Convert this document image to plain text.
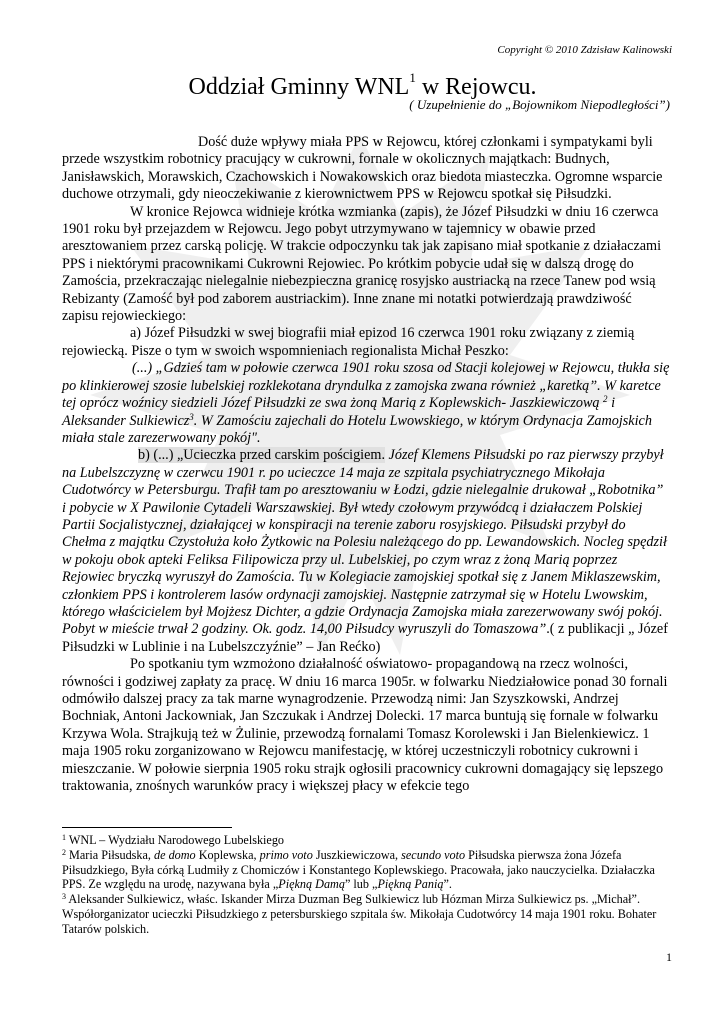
Copyright © 2010 Zdzisław Kalinowski
Oddział Gminny WNL$^1$ w Rejowcu.
( Uzupełnienie do „Bojownikom Niepodległości”)

Dość duże wpływy miała PPS w Rejowcu, której członkami i sympatykami byli przede wszystkim robotnicy pracujący w cukrowni, fornale w okolicznych majątkach: Budnych, Janisławskich, Morawskich, Czachowskich i Nowakowskich oraz biedota miasteczka. Ogromne wsparcie duchowe otrzymali, gdy nieoczekiwanie z kierownictwem PPS w Rejowcu spotkał się Piłsudzki.

W kronice Rejowca widnieje krótka wzmianka (zapis), że Józef Piłsudzki w dniu 16 czerwca 1901 roku był przejazdem w Rejowcu. Jego pobyt utrzymywano w tajemnicy w obawie przed aresztowaniem przez carską policję. W trakcie odpoczynku tak jak zapisano miał spotkanie z działaczami PPS i niektórymi pracownikami Cukrowni Rejowiec. Po krótkim pobycie udał się w dalszą drogę do Zamościa, przekraczając nielegalnie niebezpieczna granicę rosyjsko austriacką na rzece Tanew pod wsią Rebizanty (Zamość był pod zaborem austriackim). Inne znane mi notatki potwierdzają prawdziwość zapisu rejowieckiego:

a) Józef Piłsudzki w swej biografii miał epizod 16 czerwca 1901 roku związany z ziemią rejowiecką. Pisze o tym w swoich wspomnieniach regionalista Michał Peszko:

(...) „Gdzieś tam w połowie czerwca 1901 roku szosa od Stacji kolejowej w Rejowcu, tłukła się po klinkierowej szosie lubelskiej rozklekotana dryndulka z zamojska zwana również „karetką”. W karetce tej oprócz woźnicy siedzieli Józef Piłsudzki ze swa żoną Marią z Koplewskich- Jaszkiewiczową $^2$ i Aleksander Sulkiewicz$^3$. W Zamościu zajechali do Hotelu Lwowskiego, w którym Ordynacja Zamojskich miała stale zarezerwowany pokój".

b) (...) „Ucieczka przed carskim pościgiem. Józef Klemens Piłsudski po raz pierwszy przybył na Lubelszczyznę w czerwcu 1901 r. po ucieczce 14 maja ze szpitala psychiatrycznego Mikołaja Cudotwórcy w Petersburgu. Trafił tam po aresztowaniu w Łodzi, gdzie nielegalnie drukował „Robotnika” i pobycie w X Pawilonie Cytadeli Warszawskiej. Był wtedy czołowym przywódcą i działaczem Polskiej Partii Socjalistycznej, działającej w konspiracji na terenie zaboru rosyjskiego. Piłsudski przybył do Chełma z majątku Czystołuża koło Żytkowic na Polesiu należącego do pp. Lewandowskich. Nocleg spędził w pokoju obok apteki Feliksa Filipowicza przy ul. Lubelskiej, po czym wraz z żoną Marią poprzez Rejowiec bryczką wyruszył do Zamościa. Tu w Kolegiacie zamojskiej spotkał się z Janem Miklaszewskim, członkiem PPS i kontrolerem lasów ordynacji zamojskiej. Następnie zatrzymał się w Hotelu Lwowskim, którego właścicielem był Mojżesz Dichter, a gdzie Ordynacja Zamojska miała zarezerwowany swój pokój. Pobyt w mieście trwał 2 godziny. Ok. godz. 14,00 Piłsudcy wyruszyli do Tomaszowa”.( z publikacji „ Józef Piłsudzki w Lublinie i na Lubelszczyźnie” – Jan Rećko)

Po spotkaniu tym wzmożono działalność oświatowo- propagandową na rzecz wolności, równości i godziwej zapłaty za pracę. W dniu 16 marca 1905r. w folwarku Niedziałowice ponad 30 fornali odmówiło dalszej pracy za tak marne wynagrodzenie. Przewodzą nimi: Jan Szyszkowski, Andrzej Bochniak, Antoni Jackowniak, Jan Szczukak i Andrzej Dolecki. 17 marca buntują się fornale w folwarku Krzywa Wola. Strajkują też w Żulinie, przewodzą fornalami Tomasz Korolewski i Jan Bielenkiewicz. 1 maja 1905 roku zorganizowano w Rejowcu manifestację, w której uczestniczyli robotnicy cukrowni i mieszczanie. W połowie sierpnia 1905 roku strajk ogłosili pracownicy cukrowni domagający się lepszego traktowania, znośnych warunków pracy i większej płacy w efekcie tego

$^1$ WNL – Wydziału Narodowego Lubelskiego

$^2$ Maria Piłsudska, de domo Koplewska, primo voto Juszkiewiczowa, secundo voto Piłsudska pierwsza żona Józefa Piłsudzkiego, Była córką Ludmiły z Chomiczów i Konstantego Koplewskiego. Pracowała, jako nauczycielka. Działaczka PPS. Ze względu na urodę, nazywana była „Piękną Damą” lub „Piękną Panią”.

$^3$ Aleksander Sulkiewicz, właśc. Iskander Mirza Duzman Beg Sulkiewicz lub Hózman Mirza Sulkiewicz ps. „Michał”. Współorganizator ucieczki Piłsudzkiego z petersburskiego szpitala św. Mikołaja Cudotwórcy 14 maja 1901 roku. Bohater Tatarów polskich.

1
